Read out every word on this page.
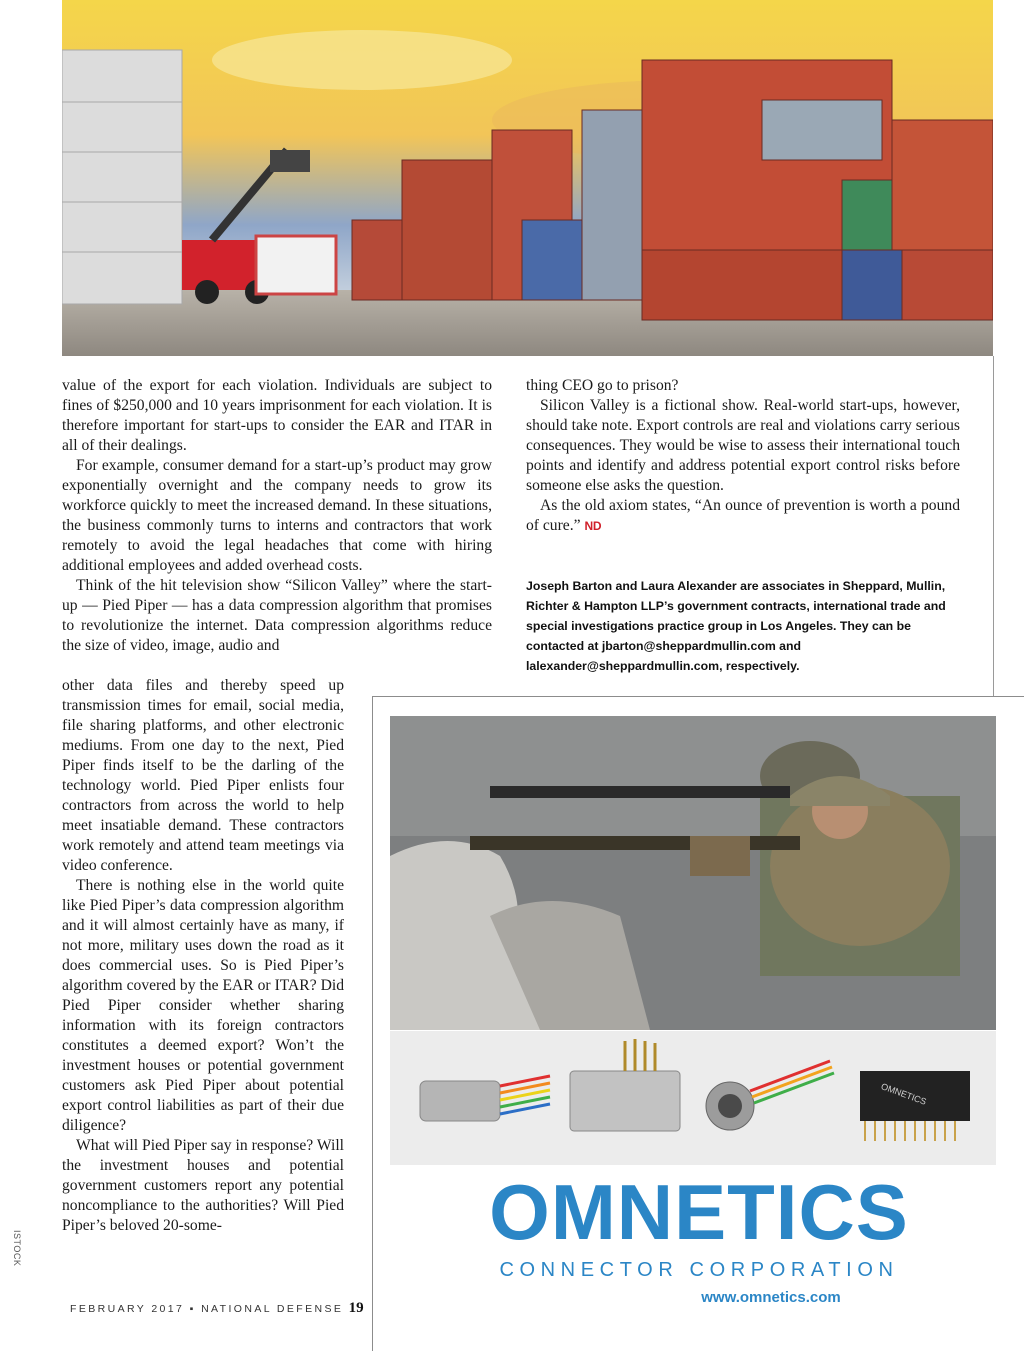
value of the export for each violation. Individuals are subject to fines of $250,000 and 10 years imprisonment for each violation. It is therefore important for start-ups to consider the EAR and ITAR in all of their dealings.

For example, consumer demand for a start-up’s product may grow exponentially overnight and the company needs to grow its workforce quickly to meet the increased demand. In these situations, the business commonly turns to interns and contractors that work remotely to avoid the legal headaches that come with hiring additional employees and added overhead costs.

Think of the hit television show “Silicon Valley” where the start-up — Pied Piper — has a data compression algorithm that promises to revolutionize the internet. Data compression algorithms reduce the size of video, image, audio and

other data files and thereby speed up transmission times for email, social media, file sharing platforms, and other electronic mediums. From one day to the next, Pied Piper finds itself to be the darling of the technology world. Pied Piper enlists four contractors from across the world to help meet insatiable demand. These contractors work remotely and attend team meetings via video conference.

There is nothing else in the world quite like Pied Piper’s data compression algorithm and it will almost certainly have as many, if not more, military uses down the road as it does commercial uses. So is Pied Piper’s algorithm covered by the EAR or ITAR? Did Pied Piper consider whether sharing information with its foreign contractors constitutes a deemed export? Won’t the investment houses or potential government customers ask Pied Piper about potential export control liabilities as part of their due diligence?

What will Pied Piper say in response? Will the investment houses and potential government customers report any potential noncompliance to the authorities? Will Pied Piper’s beloved 20-some-

thing CEO go to prison?

Silicon Valley is a fictional show. Real-world start-ups, however, should take note. Export controls are real and violations carry serious consequences. They would be wise to assess their international touch points and identify and address potential export control risks before someone else asks the question.

As the old axiom states, “An ounce of prevention is worth a pound of cure.” ND

Joseph Barton and Laura Alexander are associates in Sheppard, Mullin, Richter & Hampton LLP’s government contracts, international trade and special investigations practice group in Los Angeles. They can be contacted at jbarton@sheppardmullin.com and lalexander@sheppardmullin.com, respectively.
OMNETICS
OMNETICS
CONNECTOR CORPORATION
www.omnetics.com
ISTOCK
FEBRUARY 2017 ▪ NATIONAL DEFENSE 19
